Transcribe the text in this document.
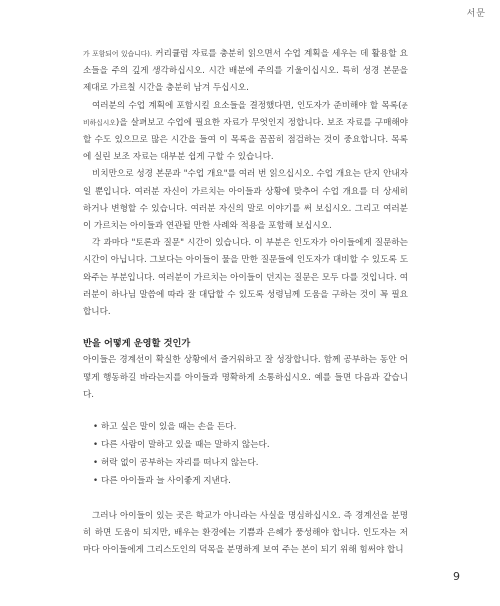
서문

가 포함되어 있습니다). 커리큘럼 자료를 충분히 읽으면서 수업 계획을 세우는 데 활용할 요소들을 주의 깊게 생각하십시오. 시간 배분에 주의를 기울이십시오. 특히 성경 본문을 제대로 가르칠 시간을 충분히 남겨 두십시오.

여러분의 수업 계획에 포함시킬 요소들을 결정했다면, 인도자가 준비해야 할 목록(준비하십시오)을 살펴보고 수업에 필요한 자료가 무엇인지 정합니다. 보조 자료를 구매해야 할 수도 있으므로 많은 시간을 들여 이 목록을 꼼꼼히 점검하는 것이 중요합니다. 목록에 실린 보조 자료는 대부분 쉽게 구할 수 있습니다.

비치만으로 성경 본문과 "수업 개요"를 여러 번 읽으십시오. 수업 개요는 단지 안내자일 뿐입니다. 여러분 자신이 가르치는 아이들과 상황에 맞추어 수업 개요를 더 상세히 하거나 변형할 수 있습니다. 여러분 자신의 말로 이야기를 써 보십시오. 그리고 여러분이 가르치는 아이들과 연관될 만한 사례와 적용을 포함해 보십시오.

각 과마다 "토론과 질문" 시간이 있습니다. 이 부분은 인도자가 아이들에게 질문하는 시간이 아닙니다. 그보다는 아이들이 물을 만한 질문들에 인도자가 대비할 수 있도록 도와주는 부분입니다. 여러분이 가르치는 아이들이 던지는 질문은 모두 다를 것입니다. 여러분이 하나님 말씀에 따라 잘 대답할 수 있도록 성령님께 도움을 구하는 것이 꼭 필요합니다.

반을 어떻게 운영할 것인가

아이들은 경계선이 확실한 상황에서 즐거워하고 잘 성장합니다. 함께 공부하는 동안 어떻게 행동하길 바라는지를 아이들과 명확하게 소통하십시오. 예를 들면 다음과 같습니다.

• 하고 싶은 말이 있을 때는 손을 든다.
• 다른 사람이 말하고 있을 때는 말하지 않는다.
• 허락 없이 공부하는 자리를 떠나지 않는다.
• 다른 아이들과 늘 사이좋게 지낸다.

그러나 아이들이 있는 곳은 학교가 아니라는 사실을 명심하십시오. 즉 경계선을 분명히 하면 도움이 되지만, 배우는 환경에는 기쁨과 은혜가 풍성해야 합니다. 인도자는 저마다 아이들에게 그리스도인의 덕목을 분명하게 보여 주는 본이 되기 위해 힘써야 합니

9
